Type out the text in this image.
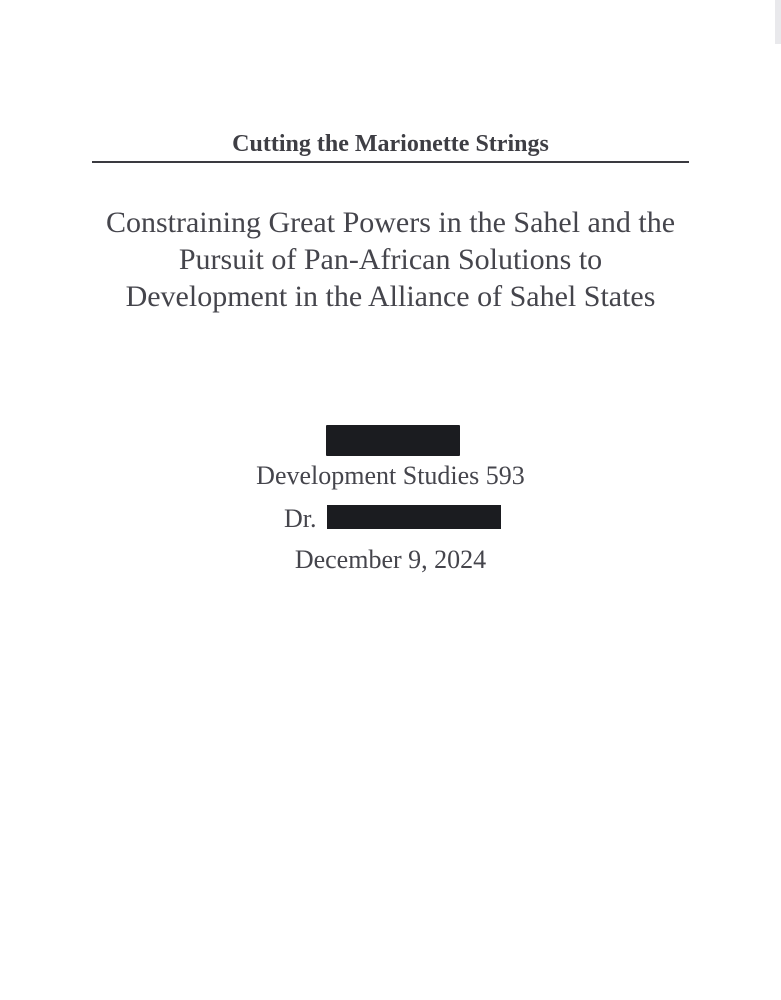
Cutting the Marionette Strings
Constraining Great Powers in the Sahel and the
Pursuit of Pan-African Solutions to
Development in the Alliance of Sahel States
Development Studies 593
Dr.
December 9, 2024
